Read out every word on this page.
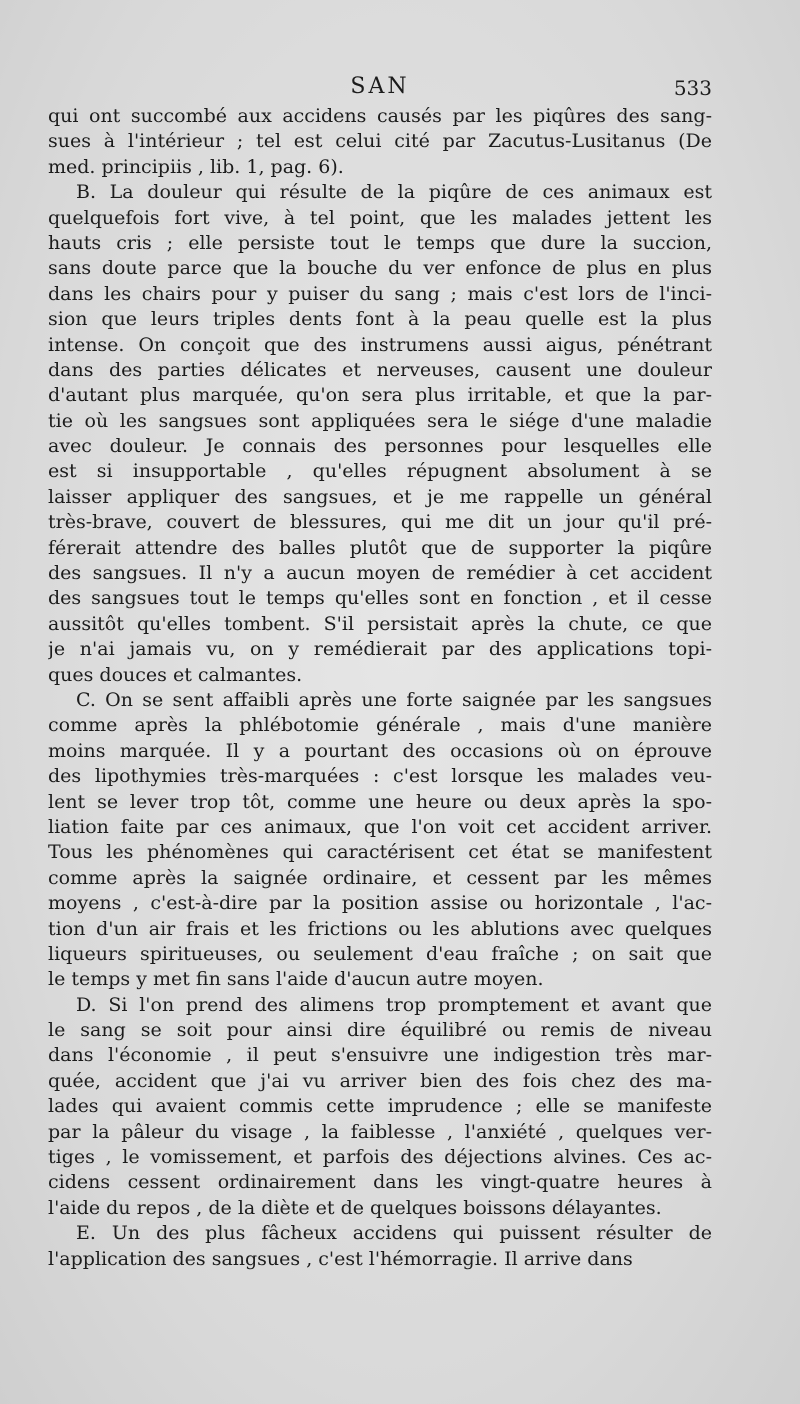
SAN	533
qui ont succombé aux accidens causés par les piqûres des sang-
sues à l'intérieur ; tel est celui cité par Zacutus-Lusitanus (De
med. principiis , lib. 1, pag. 6).
B. La douleur qui résulte de la piqûre de ces animaux est
quelquefois fort vive, à tel point, que les malades jettent les
hauts cris ; elle persiste tout le temps que dure la succion,
sans doute parce que la bouche du ver enfonce de plus en plus
dans les chairs pour y puiser du sang ; mais c'est lors de l'inci-
sion que leurs triples dents font à la peau quelle est la plus
intense. On conçoit que des instrumens aussi aigus, pénétrant
dans des parties délicates et nerveuses, causent une douleur
d'autant plus marquée, qu'on sera plus irritable, et que la par-
tie où les sangsues sont appliquées sera le siége d'une maladie
avec douleur. Je connais des personnes pour lesquelles elle
est si insupportable , qu'elles répugnent absolument à se
laisser appliquer des sangsues, et je me rappelle un général
très-brave, couvert de blessures, qui me dit un jour qu'il pré-
férerait attendre des balles plutôt que de supporter la piqûre
des sangsues. Il n'y a aucun moyen de remédier à cet accident
des sangsues tout le temps qu'elles sont en fonction , et il cesse
aussitôt qu'elles tombent. S'il persistait après la chute, ce que
je n'ai jamais vu, on y remédierait par des applications topi-
ques douces et calmantes.
C. On se sent affaibli après une forte saignée par les sangsues
comme après la phlébotomie générale , mais d'une manière
moins marquée. Il y a pourtant des occasions où on éprouve
des lipothymies très-marquées : c'est lorsque les malades veu-
lent se lever trop tôt, comme une heure ou deux après la spo-
liation faite par ces animaux, que l'on voit cet accident arriver.
Tous les phénomènes qui caractérisent cet état se manifestent
comme après la saignée ordinaire, et cessent par les mêmes
moyens , c'est-à-dire par la position assise ou horizontale , l'ac-
tion d'un air frais et les frictions ou les ablutions avec quelques
liqueurs spiritueuses, ou seulement d'eau fraîche ; on sait que
le temps y met fin sans l'aide d'aucun autre moyen.
D. Si l'on prend des alimens trop promptement et avant que
le sang se soit pour ainsi dire équilibré ou remis de niveau
dans l'économie , il peut s'ensuivre une indigestion très mar-
quée, accident que j'ai vu arriver bien des fois chez des ma-
lades qui avaient commis cette imprudence ; elle se manifeste
par la pâleur du visage , la faiblesse , l'anxiété , quelques ver-
tiges , le vomissement, et parfois des déjections alvines. Ces ac-
cidens cessent ordinairement dans les vingt-quatre heures à
l'aide du repos , de la diète et de quelques boissons délayantes.
E. Un des plus fâcheux accidens qui puissent résulter de
l'application des sangsues , c'est l'hémorragie. Il arrive dans
